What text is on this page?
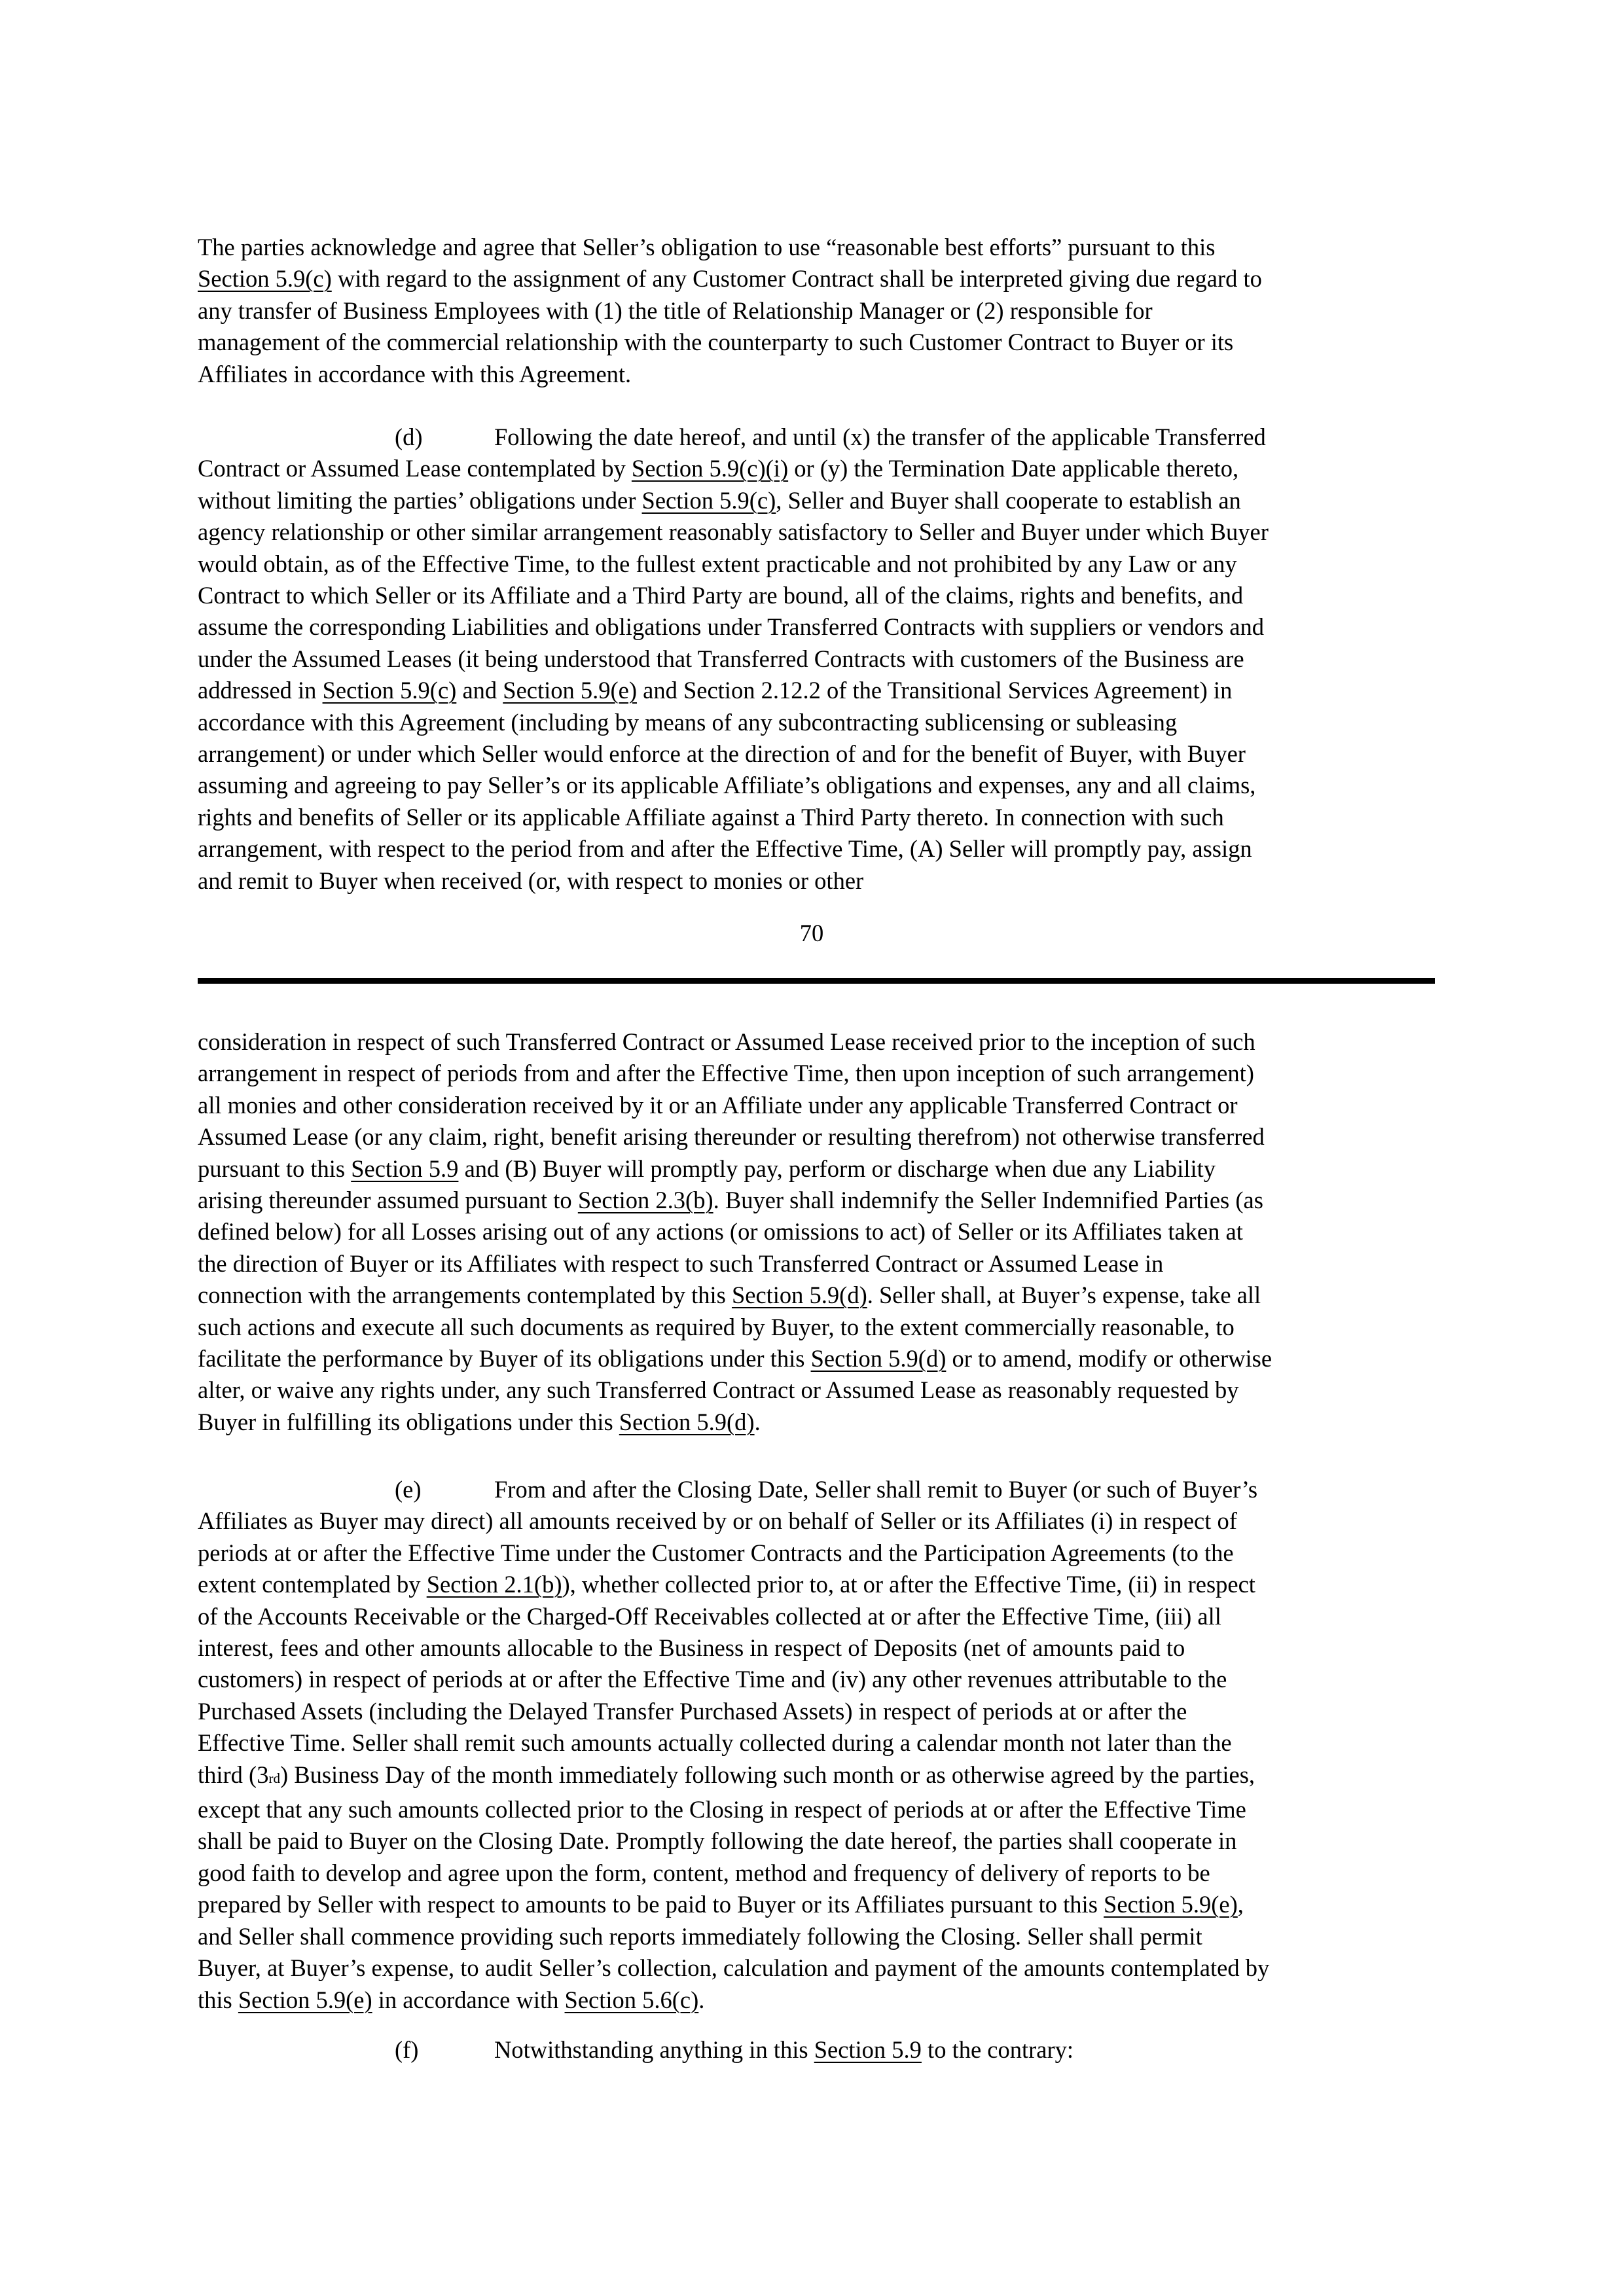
The parties acknowledge and agree that Seller’s obligation to use “reasonable best efforts” pursuant to this
Section 5.9(c) with regard to the assignment of any Customer Contract shall be interpreted giving due regard to
any transfer of Business Employees with (1) the title of Relationship Manager or (2) responsible for
management of the commercial relationship with the counterparty to such Customer Contract to Buyer or its
Affiliates in accordance with this Agreement.
(d)	Following the date hereof, and until (x) the transfer of the applicable Transferred
Contract or Assumed Lease contemplated by Section 5.9(c)(i) or (y) the Termination Date applicable thereto,
without limiting the parties’ obligations under Section 5.9(c), Seller and Buyer shall cooperate to establish an
agency relationship or other similar arrangement reasonably satisfactory to Seller and Buyer under which Buyer
would obtain, as of the Effective Time, to the fullest extent practicable and not prohibited by any Law or any
Contract to which Seller or its Affiliate and a Third Party are bound, all of the claims, rights and benefits, and
assume the corresponding Liabilities and obligations under Transferred Contracts with suppliers or vendors and
under the Assumed Leases (it being understood that Transferred Contracts with customers of the Business are
addressed in Section 5.9(c) and Section 5.9(e) and Section 2.12.2 of the Transitional Services Agreement) in
accordance with this Agreement (including by means of any subcontracting sublicensing or subleasing
arrangement) or under which Seller would enforce at the direction of and for the benefit of Buyer, with Buyer
assuming and agreeing to pay Seller’s or its applicable Affiliate’s obligations and expenses, any and all claims,
rights and benefits of Seller or its applicable Affiliate against a Third Party thereto. In connection with such
arrangement, with respect to the period from and after the Effective Time, (A) Seller will promptly pay, assign
and remit to Buyer when received (or, with respect to monies or other
70
consideration in respect of such Transferred Contract or Assumed Lease received prior to the inception of such
arrangement in respect of periods from and after the Effective Time, then upon inception of such arrangement)
all monies and other consideration received by it or an Affiliate under any applicable Transferred Contract or
Assumed Lease (or any claim, right, benefit arising thereunder or resulting therefrom) not otherwise transferred
pursuant to this Section 5.9 and (B) Buyer will promptly pay, perform or discharge when due any Liability
arising thereunder assumed pursuant to Section 2.3(b). Buyer shall indemnify the Seller Indemnified Parties (as
defined below) for all Losses arising out of any actions (or omissions to act) of Seller or its Affiliates taken at
the direction of Buyer or its Affiliates with respect to such Transferred Contract or Assumed Lease in
connection with the arrangements contemplated by this Section 5.9(d). Seller shall, at Buyer’s expense, take all
such actions and execute all such documents as required by Buyer, to the extent commercially reasonable, to
facilitate the performance by Buyer of its obligations under this Section 5.9(d) or to amend, modify or otherwise
alter, or waive any rights under, any such Transferred Contract or Assumed Lease as reasonably requested by
Buyer in fulfilling its obligations under this Section 5.9(d).
(e)	From and after the Closing Date, Seller shall remit to Buyer (or such of Buyer’s
Affiliates as Buyer may direct) all amounts received by or on behalf of Seller or its Affiliates (i) in respect of
periods at or after the Effective Time under the Customer Contracts and the Participation Agreements (to the
extent contemplated by Section 2.1(b)), whether collected prior to, at or after the Effective Time, (ii) in respect
of the Accounts Receivable or the Charged-Off Receivables collected at or after the Effective Time, (iii) all
interest, fees and other amounts allocable to the Business in respect of Deposits (net of amounts paid to
customers) in respect of periods at or after the Effective Time and (iv) any other revenues attributable to the
Purchased Assets (including the Delayed Transfer Purchased Assets) in respect of periods at or after the
Effective Time. Seller shall remit such amounts actually collected during a calendar month not later than the
third (3rd) Business Day of the month immediately following such month or as otherwise agreed by the parties,
except that any such amounts collected prior to the Closing in respect of periods at or after the Effective Time
shall be paid to Buyer on the Closing Date. Promptly following the date hereof, the parties shall cooperate in
good faith to develop and agree upon the form, content, method and frequency of delivery of reports to be
prepared by Seller with respect to amounts to be paid to Buyer or its Affiliates pursuant to this Section 5.9(e),
and Seller shall commence providing such reports immediately following the Closing. Seller shall permit
Buyer, at Buyer’s expense, to audit Seller’s collection, calculation and payment of the amounts contemplated by
this Section 5.9(e) in accordance with Section 5.6(c).
(f)	Notwithstanding anything in this Section 5.9 to the contrary:
